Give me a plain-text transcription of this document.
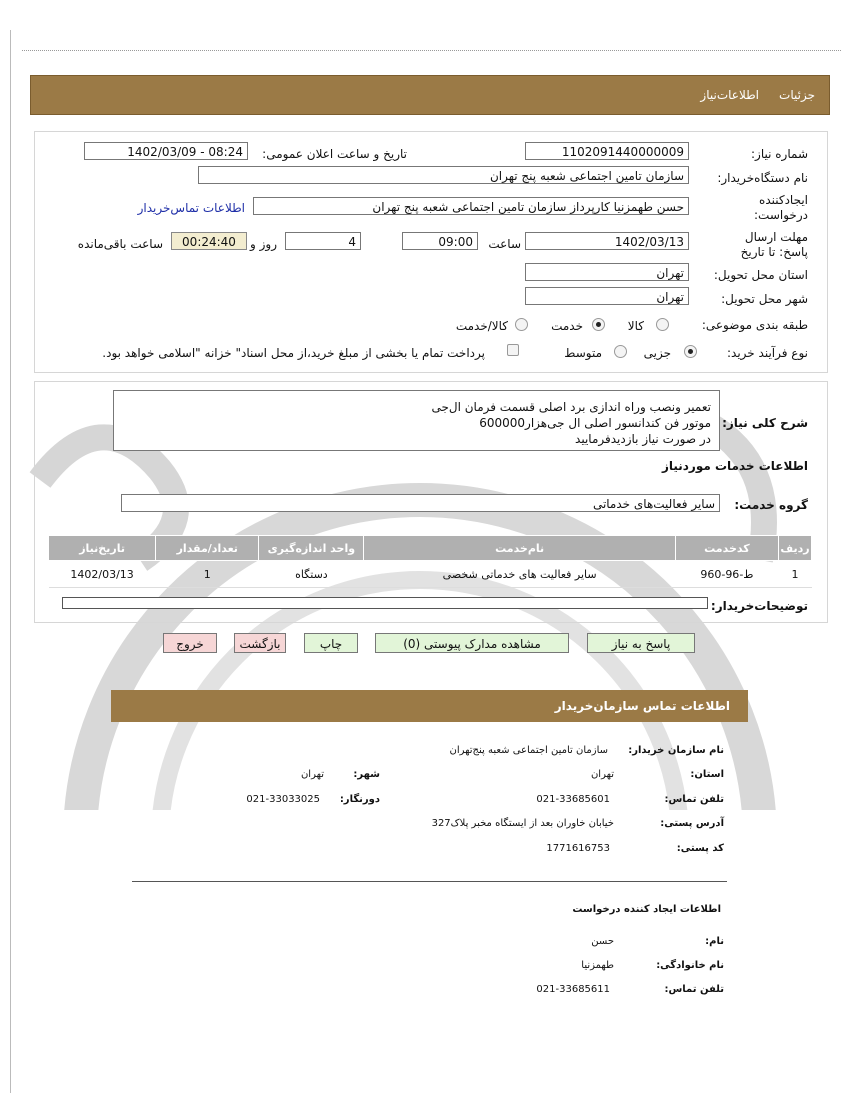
جزئیات
اطلاعات‌نیاز
شماره نیاز:
1102091440000009
تاریخ و ساعت اعلان عمومی:
1402/03/09 - 08:24
نام دستگاه‌خریدار:
سازمان تامین اجتماعی شعبه پنج تهران
ایجادکننده درخواست:
حسن طهمزنیا کارپرداز سازمان تامین اجتماعی شعبه پنج تهران
اطلاعات تماس‌خریدار
مهلت ارسال پاسخ: تا تاریخ
1402/03/13
ساعت
09:00
4
روز و
00:24:40
ساعت باقی‌مانده
استان محل تحویل:
تهران
شهر محل تحویل:
تهران
طبقه بندی موضوعی:
کالا
خدمت
کالا/خدمت
نوع فرآیند خرید:
جزیی
متوسط
پرداخت تمام یا بخشی از مبلغ خرید،از محل اسناد" خزانه "اسلامی خواهد بود.
شرح کلی نیاز:
تعمیر ونصب وراه اندازی برد اصلی قسمت فرمان ال‌جی
موتور فن کندانسور اصلی ال جی‌هزار600000
در صورت نیاز بازدیدفرمایید
اطلاعات خدمات موردنیاز
گروه خدمت:
سایر فعالیت‌های خدماتی
ردیف	کدخدمت	نام‌خدمت	واحد اندازه‌گیری	تعداد/مقدار	تاریخ‌نیاز
1	ط-96-960	سایر فعالیت های خدماتی شخصی	دستگاه	1	1402/03/13
توضیحات‌خریدار:
پاسخ به نیاز
مشاهده مدارک پیوستی (0)
چاپ
بازگشت
خروج
اطلاعات تماس سازمان‌خریدار
نام سازمان خریدار:
سازمان تامین اجتماعی شعبه پنج‌تهران
استان:
تهران
شهر:
تهران
تلفن تماس:
021-33685601
دورنگار:
021-33033025
آدرس پستی:
خیابان خاوران بعد از ایستگاه مخبر پلاک327
کد پستی:
1771616753
اطلاعات ایجاد کننده درخواست
نام:
حسن
نام خانوادگی:
طهمزنیا
تلفن تماس:
021-33685611
